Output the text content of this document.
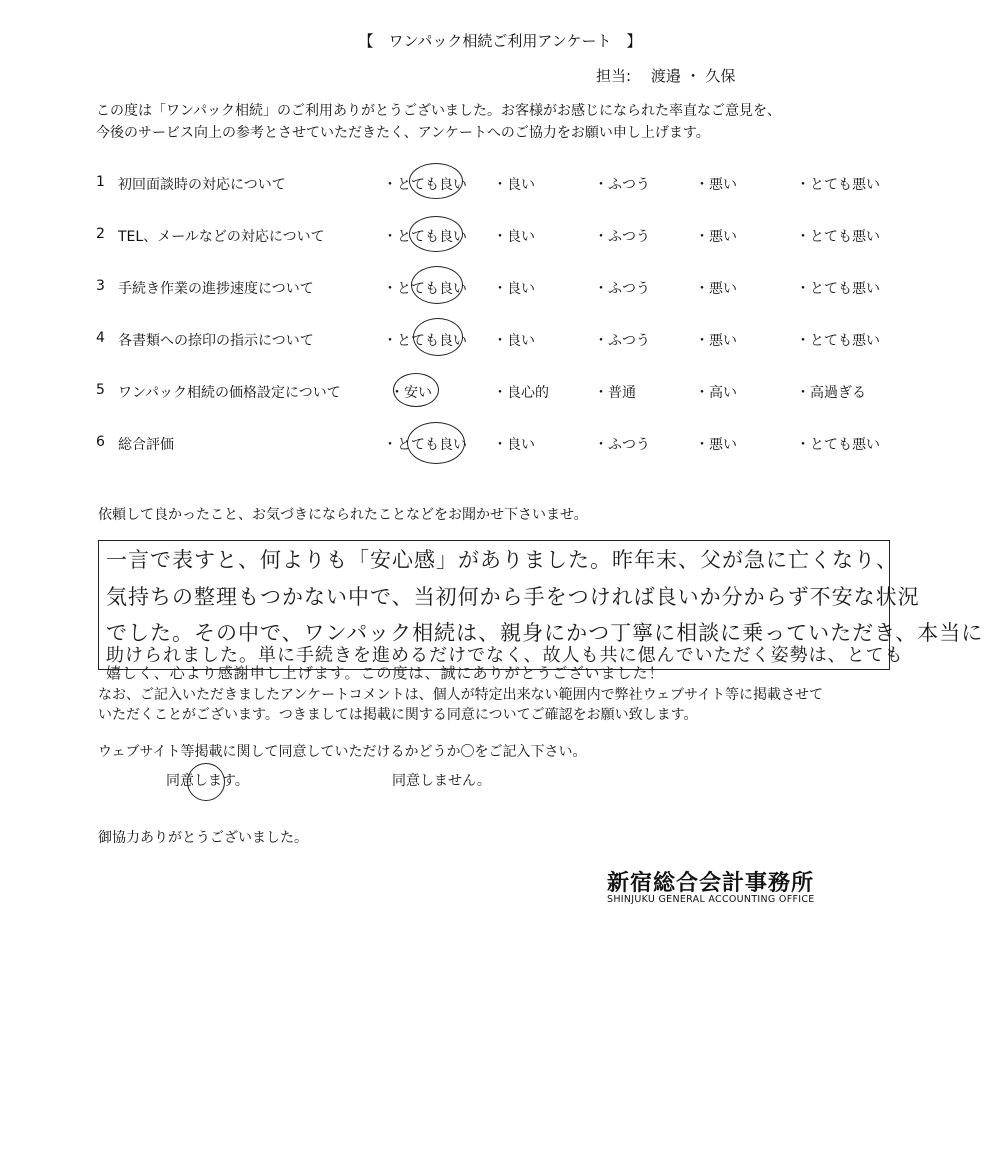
【　ワンパック相続ご利用アンケート　】
担当:　 渡邉 ・ 久保
この度は「ワンパック相続」のご利用ありがとうございました。お客様がお感じになられた率直なご意見を、
今後のサービス向上の参考とさせていただきたく、アンケートへのご協力をお願い申し上げます。
1 初回面談時の対応について	・とても良い ・良い	・ふつう	・悪い	・とても悪い
2 TEL、メールなどの対応について	・とても良い ・良い	・ふつう	・悪い	・とても悪い
3 手続き作業の進捗速度について	・とても良い ・良い	・ふつう	・悪い	・とても悪い
4 各書類への捺印の指示について	・とても良い ・良い	・ふつう	・悪い	・とても悪い
5 ワンパック相続の価格設定について	・安い	・良心的	・普通	・高い	・高過ぎる
6 総合評価	・とても良い ・良い	・ふつう	・悪い	・とても悪い
依頼して良かったこと、お気づきになられたことなどをお聞かせ下さいませ。
一言で表すと、何よりも「安心感」がありました。昨年末、父が急に亡くなり、
気持ちの整理もつかない中で、当初何から手をつければ良いか分からず不安な状況
でした。その中で、ワンパック相続は、親身にかつ丁寧に相談に乗っていただき、本当に
助けられました。単に手続きを進めるだけでなく、故人も共に偲んでいただく姿勢は、とても
嬉しく、心より感謝申し上げます。この度は、誠にありがとうございました！
なお、ご記入いただきましたアンケートコメントは、個人が特定出来ない範囲内で弊社ウェブサイト等に掲載させて
いただくことがございます。つきましては掲載に関する同意についてご確認をお願い致します。
ウェブサイト等掲載に関して同意していただけるかどうか〇をご記入下さい。
同意します。	同意しません。
御協力ありがとうございました。
新宿総合会計事務所
SHINJUKU GENERAL ACCOUNTING OFFICE
